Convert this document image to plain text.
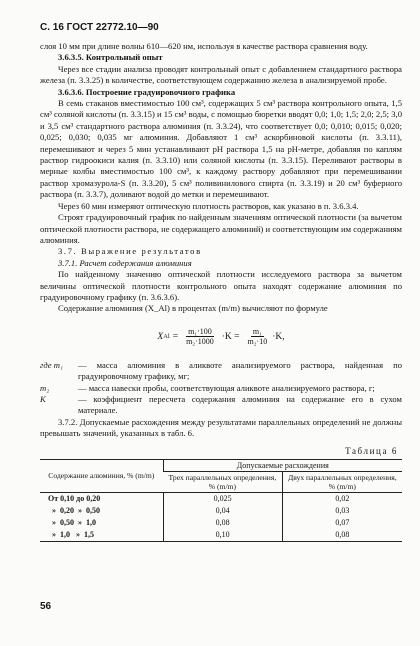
С. 16 ГОСТ 22772.10—90

слоя 10 мм при длине волны 610—620 нм, используя в качестве раствора сравнения воду.

3.6.3.5. Контрольный опыт

Через все стадии анализа проводят контрольный опыт с добавлением стандартного раствора железа (п. 3.3.25) в количестве, соответствующем содержанию железа в анализируемой пробе.

3.6.3.6. Построение градуировочного графика

В семь стаканов вместимостью 100 см³, содержащих 5 см³ раствора контрольного опыта, 1,5 см³ соляной кислоты (п. 3.3.15) и 15 см³ воды, с помощью бюретки вводят 0,0; 1,0; 1,5; 2,0; 2,5; 3,0 и 3,5 см³ стандартного раствора алюминия (п. 3.3.24), что соответствует 0,0; 0,010; 0,015; 0,020; 0,025; 0,030; 0,035 мг алюминия. Добавляют 1 см³ аскорбиновой кислоты (п. 3.3.11), перемешивают и через 5 мин устанавливают pH раствора 1,5 на pH-метре, добавляя по каплям раствор гидроокиси калия (п. 3.3.10) или соляной кислоты (п. 3.3.15). Переливают растворы в мерные колбы вместимостью 100 см³, к каждому раствору добавляют при перемешивании раствор хромазурола-S (п. 3.3.20), 5 см³ поливинилового спирта (п. 3.3.19) и 20 см³ буферного раствора (п. 3.3.7), доливают водой до метки и перемешивают.

Через 60 мин измеряют оптическую плотность растворов, как указано в п. 3.6.3.4.

Строят градуировочный график по найденным значениям оптической плотности (за вычетом оптической плотности раствора, не содержащего алюминий) и соответствующим им содержаниям алюминия.

3.7. Выражение результатов

3.7.1. Расчет содержания алюминия

По найденному значению оптической плотности исследуемого раствора за вычетом величины оптической плотности контрольного опыта находят содержание алюминия по градуировочному графику (п. 3.6.3.6).

Содержание алюминия (X_Al) в процентах (m/m) вычисляют по формуле

X $Al = \frac{\text{m₁·100}}{\text{m₂·1000}} \cdot K = \frac{\text{m₁}}{\text{m₂·10}} \cdot K$,
где m₁	— масса алюминия в аликвоте анализируемого раствора, найденная по градуировочному графику, мг;
m₂	— масса навески пробы, соответствующая аликвоте анализируемого раствора, г;
K	— коэффициент пересчета содержания алюминия на содержание его в сухом материале.

3.7.2. Допускаемые расхождения между результатами параллельных определений не должны превышать значений, указанных в табл. 6.

Таблица 6
Содержание алюминия, % (m/m)	Допускаемые расхождения	
	Трех параллельных определения, % (m/m)	Двух параллельных определения, % (m/m)
От 0,10 до 0,20	0,025	0,02
»  0,20  »  0,50	0,04	0,03
»  0,50  »  1,0	0,08	0,07
»  1,0   »  1,5	0,10	0,08
56
